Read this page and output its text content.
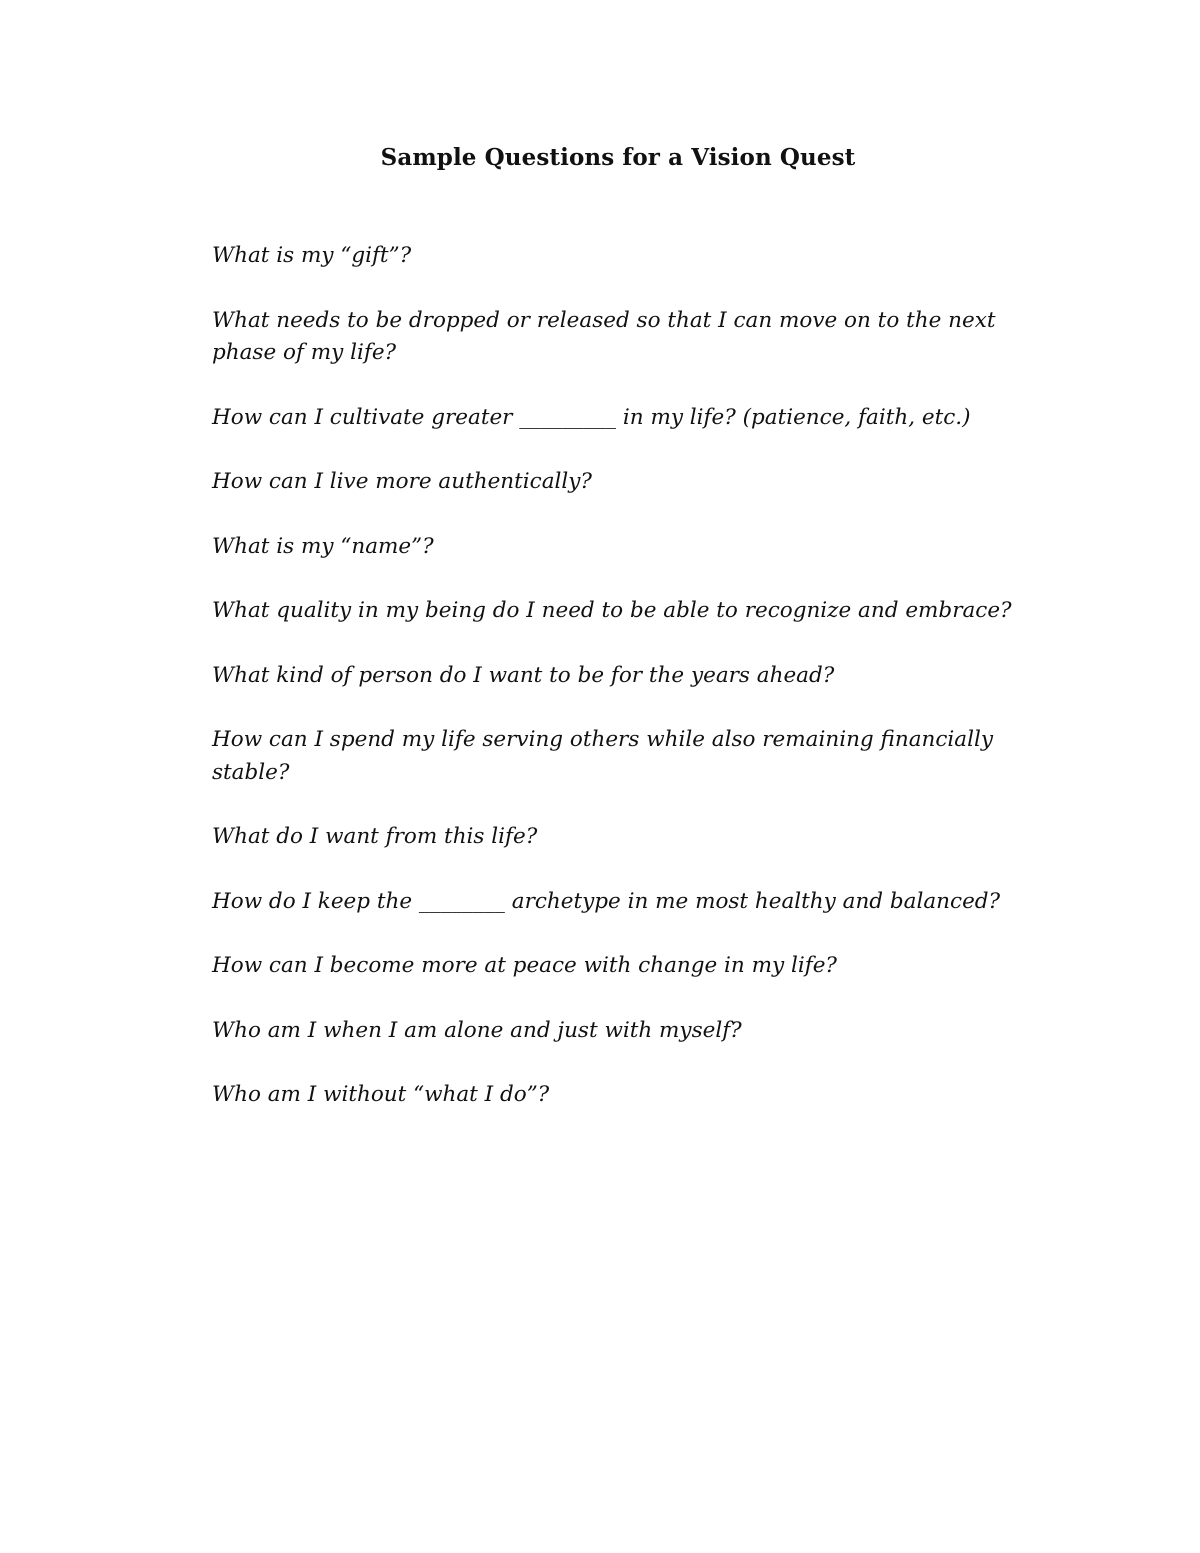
Sample Questions for a Vision Quest
What is my “gift”?
What needs to be dropped or released so that I can move on to the next phase of my life?
How can I cultivate greater _________ in my life? (patience, faith, etc.)
How can I live more authentically?
What is my “name”?
What quality in my being do I need to be able to recognize and embrace?
What kind of person do I want to be for the years ahead?
How can I spend my life serving others while also remaining financially stable?
What do I want from this life?
How do I keep the ________ archetype in me most healthy and balanced?
How can I become more at peace with change in my life?
Who am I when I am alone and just with myself?
Who am I without “what I do”?
